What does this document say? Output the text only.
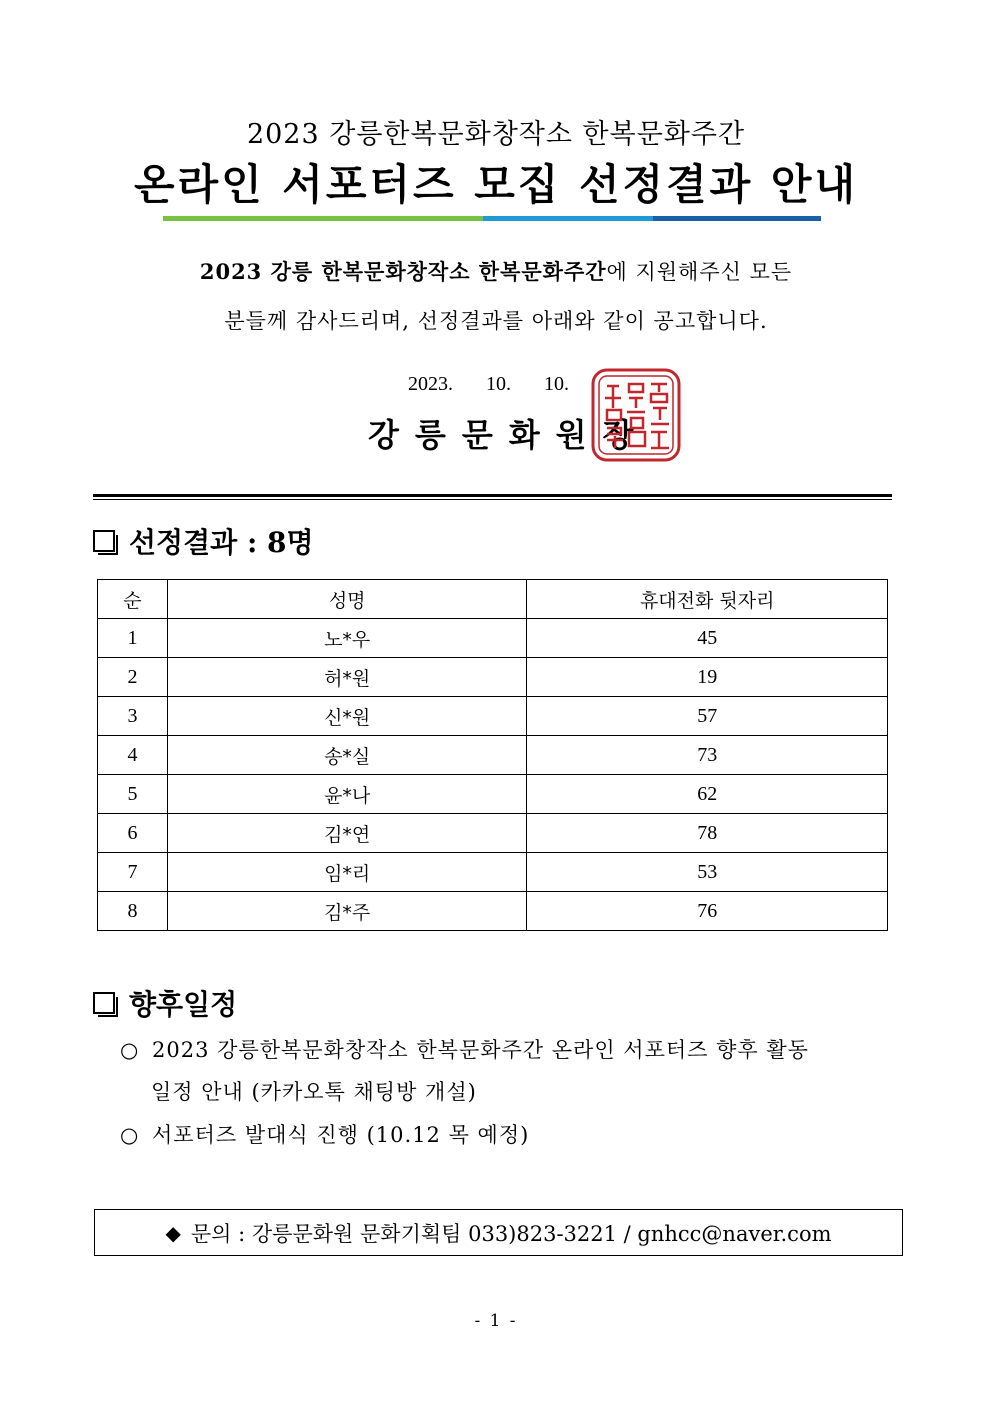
2023 강릉한복문화창작소 한복문화주간
온라인 서포터즈 모집 선정결과 안내
2023 강릉 한복문화창작소 한복문화주간에 지원해주신 모든
분들께 감사드리며, 선정결과를 아래와 같이 공고합니다.
2023. 10. 10.
강릉문화원장
선정결과 : 8명
순	성명	휴대전화 뒷자리
1	노*우	45
2	허*원	19
3	신*원	57
4	송*실	73
5	윤*나	62
6	김*연	78
7	임*리	53
8	김*주	76
향후일정
○ 2023 강릉한복문화창작소 한복문화주간 온라인 서포터즈 향후 활동
일정 안내 (카카오톡 채팅방 개설)
○ 서포터즈 발대식 진행 (10.12 목 예정)
◆ 문의 : 강릉문화원 문화기획팀 033)823-3221 / gnhcc@naver.com
- 1 -
